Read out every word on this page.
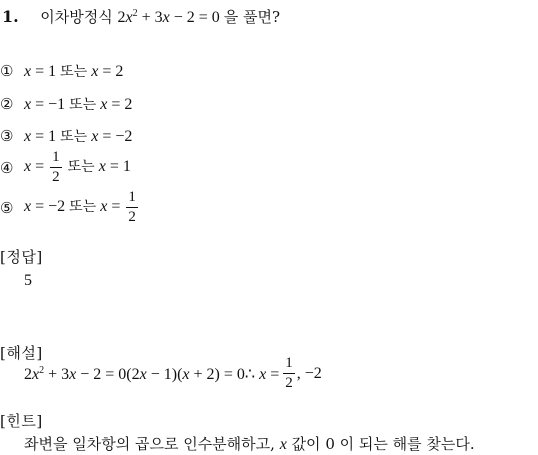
1. 이차방정식 $2x^2 + 3x - 2 = 0$ 을 풀면?
① x = 1 또는 x = 2
② x = −1 또는 x = 2
③ x = 1 또는 x = −2
④ $x = \frac{1}{2}$ 또는 x = 1
⑤ x = −2 또는 $x = \frac{1}{2}$
[정답]
5
[해설]
$2x^2 + 3x - 2 = 0(2x - 1)(x + 2)$ = 0∴ $x = \frac{1}{2}$ , −2
[힌트]
좌변을 일차항의 곱으로 인수분해하고, x 값이 0 이 되는 해를 찾는다.
